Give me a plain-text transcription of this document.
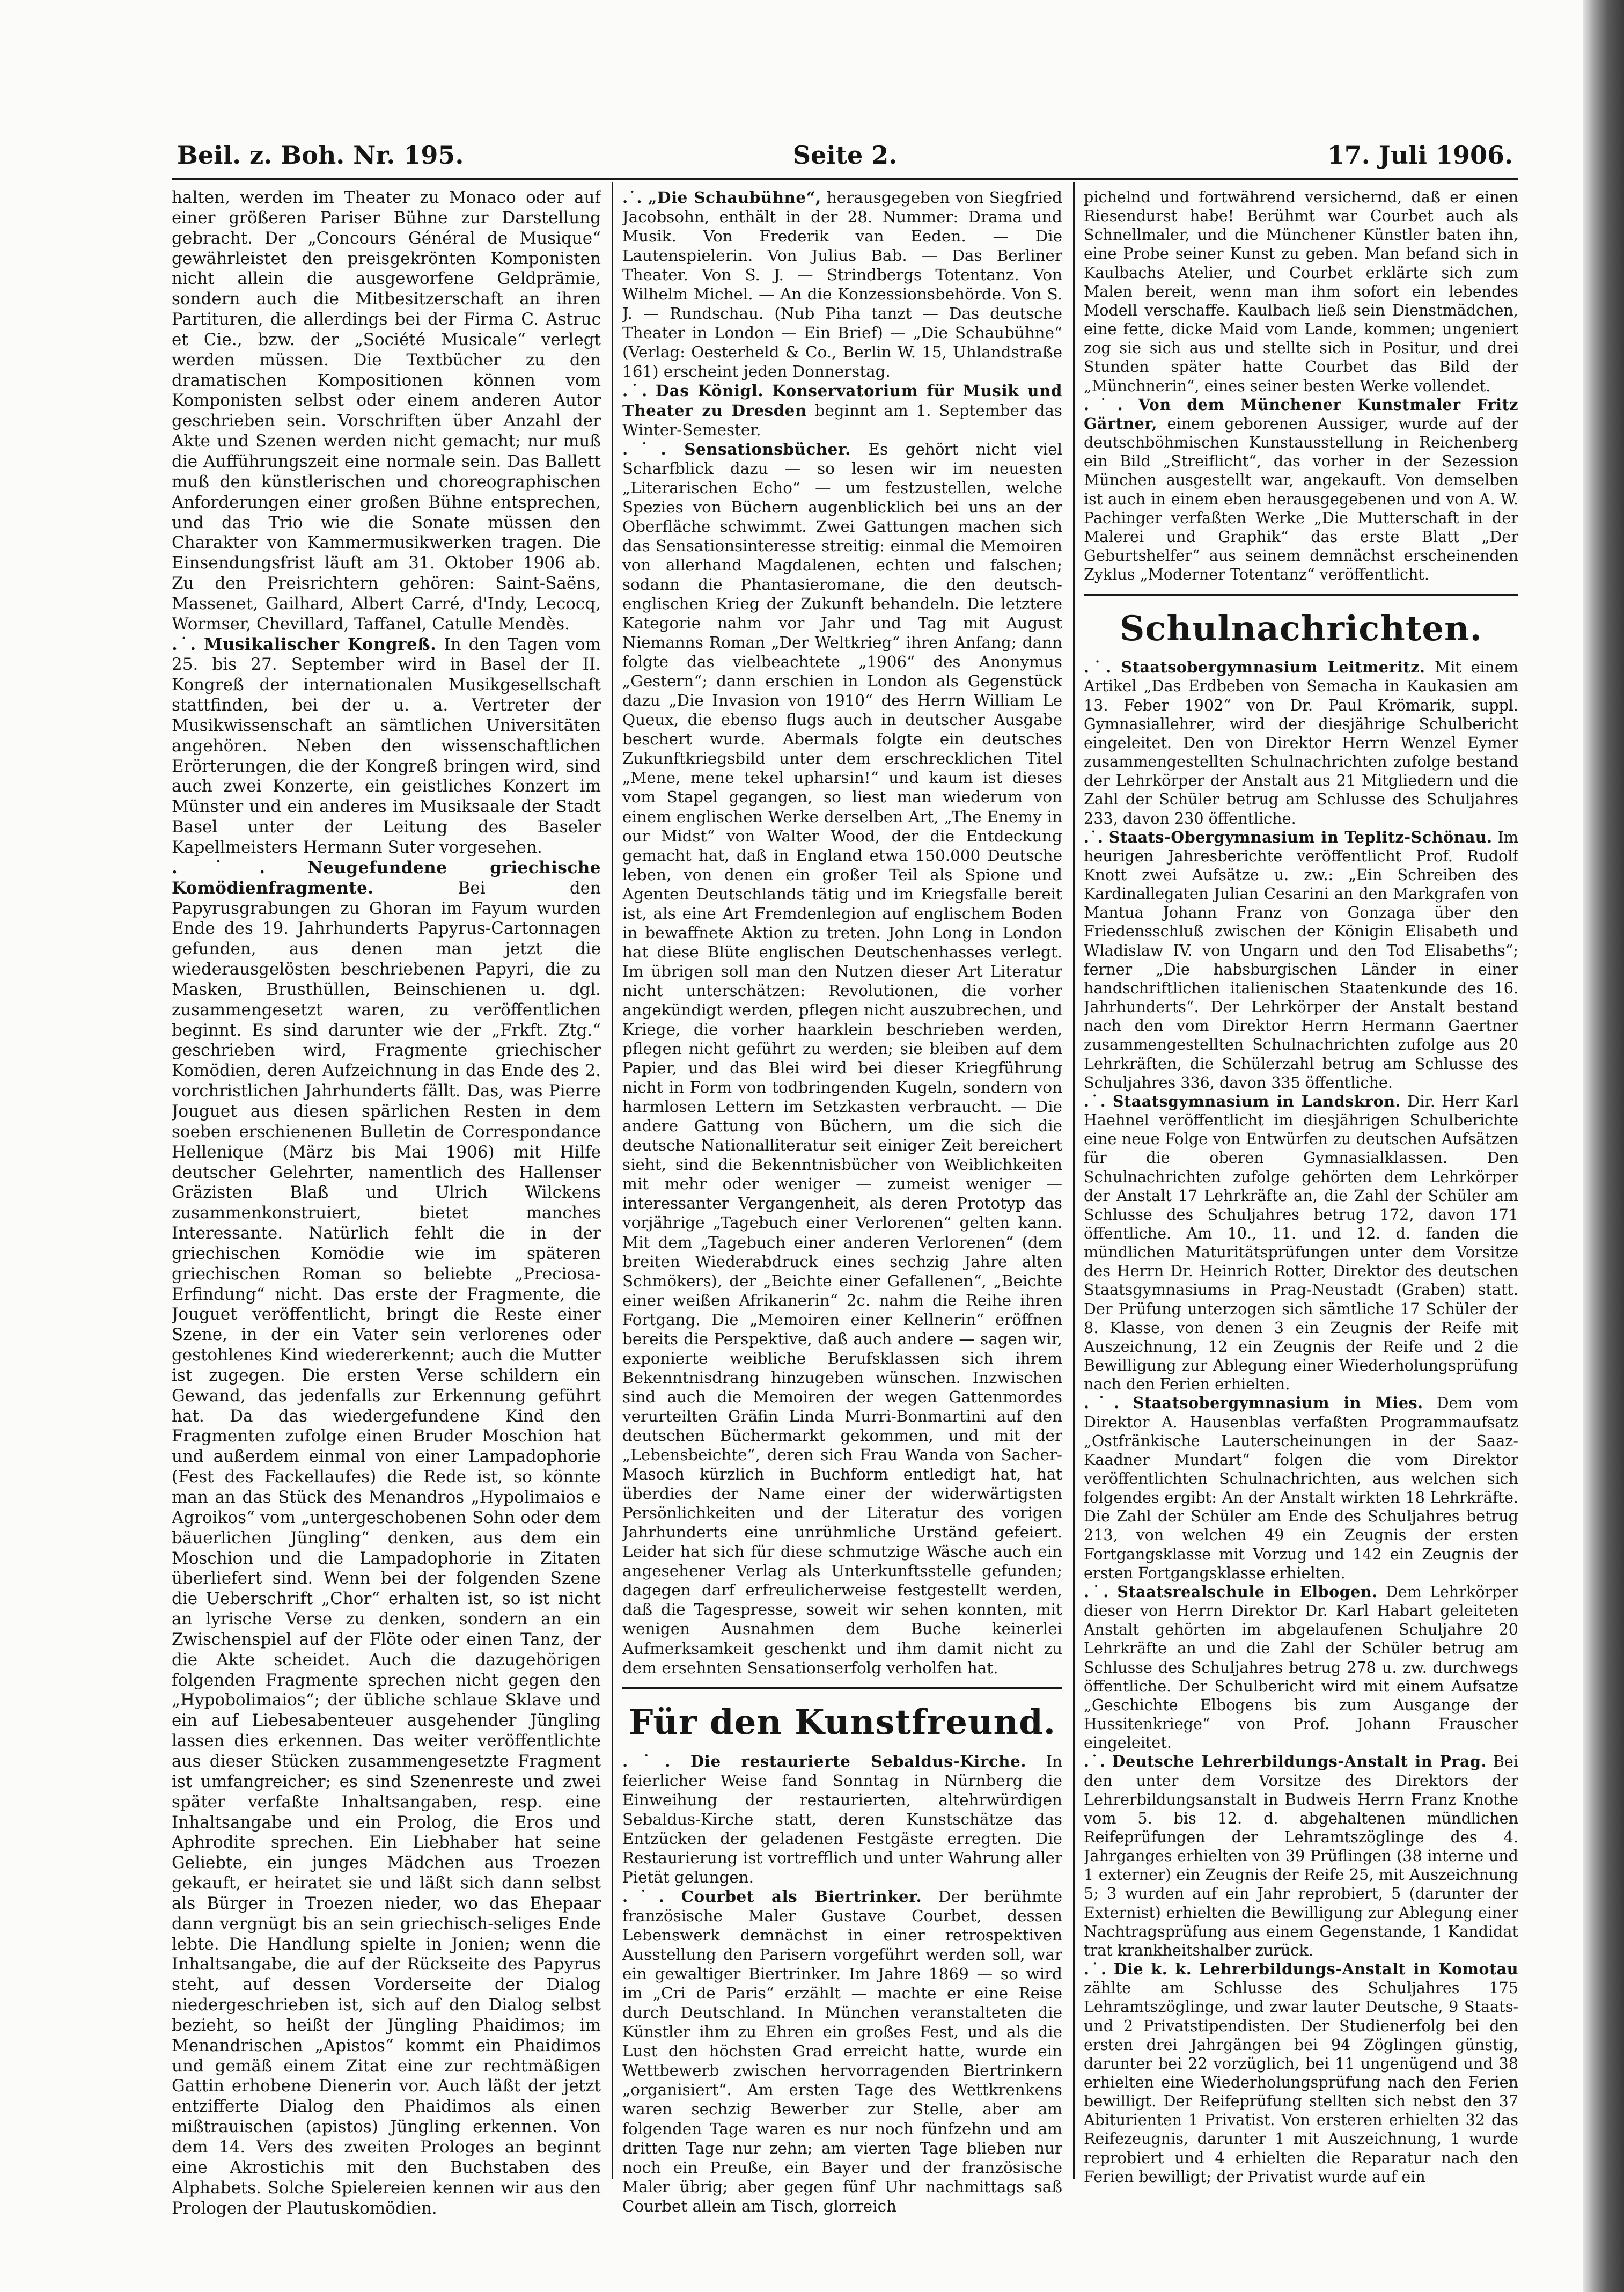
Beil. z. Boh. Nr. 195.	Seite 2.	17. Juli 1906.

halten, werden im Theater zu Monaco oder auf einer größeren Pariser Bühne zur Darstellung gebracht. Der „Concours Général de Musique“ gewährleistet den preisgekrönten Komponisten nicht allein die ausgeworfene Geldprämie, sondern auch die Mitbesitzerschaft an ihren Partituren, die allerdings bei der Firma C. Astruc et Cie., bzw. der „Société Musicale“ verlegt werden müssen. Die Textbücher zu den dramatischen Kompositionen können vom Komponisten selbst oder einem anderen Autor geschrieben sein. Vorschriften über Anzahl der Akte und Szenen werden nicht gemacht; nur muß die Aufführungszeit eine normale sein. Das Ballett muß den künstlerischen und choreographischen Anforderungen einer großen Bühne entsprechen, und das Trio wie die Sonate müssen den Charakter von Kammermusikwerken tragen. Die Einsendungsfrist läuft am 31. Oktober 1906 ab. Zu den Preisrichtern gehören: Saint-Saëns, Massenet, Gailhard, Albert Carré, d'Indy, Lecocq, Wormser, Chevillard, Taffanel, Catulle Mendès.

.˙. Musikalischer Kongreß. In den Tagen vom 25. bis 27. September wird in Basel der II. Kongreß der internationalen Musikgesellschaft stattfinden, bei der u. a. Vertreter der Musikwissenschaft an sämtlichen Universitäten angehören. Neben den wissenschaftlichen Erörterungen, die der Kongreß bringen wird, sind auch zwei Konzerte, ein geistliches Konzert im Münster und ein anderes im Musiksaale der Stadt Basel unter der Leitung des Baseler Kapellmeisters Hermann Suter vorgesehen.

.˙. Neugefundene griechische Komödienfragmente.	Bei den Papyrusgrabungen zu Ghoran im Fayum wurden Ende des 19. Jahrhunderts Papyrus-Cartonnagen gefunden, aus denen man jetzt die wiederausgelösten beschriebenen Papyri, die zu Masken, Brusthüllen, Beinschienen u. dgl. zusammengesetzt waren, zu veröffentlichen beginnt. Es sind darunter wie der „Frkft. Ztg.“ geschrieben wird, Fragmente griechischer Komödien, deren Aufzeichnung in das Ende des 2. vorchristlichen Jahrhunderts fällt. Das, was Pierre Jouguet aus diesen spärlichen Resten in dem soeben erschienenen Bulletin de Correspondance Hellenique (März bis Mai 1906) mit Hilfe deutscher Gelehrter, namentlich des Hallenser Gräzisten Blaß und Ulrich Wilckens zusammenkonstruiert, bietet manches Interessante. Natürlich fehlt die in der griechischen Komödie wie im späteren griechischen Roman so beliebte „Preciosa-Erfindung“ nicht. Das erste der Fragmente, die Jouguet veröffentlicht, bringt die Reste einer Szene, in der ein Vater sein verlorenes oder gestohlenes Kind wiedererkennt; auch die Mutter ist zugegen. Die ersten Verse schildern ein Gewand, das jedenfalls zur Erkennung geführt hat. Da das wiedergefundene Kind den Fragmenten zufolge einen Bruder Moschion hat und außerdem einmal von einer Lampadophorie (Fest des Fackellaufes) die Rede ist, so könnte man an das Stück des Menandros „Hypolimaios e Agroikos“ vom „untergeschobenen Sohn oder dem bäuerlichen Jüngling“ denken, aus dem ein Moschion und die Lampadophorie in Zitaten überliefert sind. Wenn bei der folgenden Szene die Ueberschrift „Chor“ erhalten ist, so ist nicht an lyrische Verse zu denken, sondern an ein Zwischenspiel auf der Flöte oder einen Tanz, der die Akte scheidet. Auch die dazugehörigen folgenden Fragmente sprechen nicht gegen den „Hypobolimaios“; der übliche schlaue Sklave und ein auf Liebesabenteuer ausgehender Jüngling lassen dies erkennen. Das weiter veröffentlichte aus dieser Stücken zusammengesetzte Fragment ist umfangreicher; es sind Szenenreste und zwei später verfaßte Inhaltsangaben, resp. eine Inhaltsangabe und ein Prolog, die Eros und Aphrodite sprechen. Ein Liebhaber hat seine Geliebte, ein junges Mädchen aus Troezen gekauft, er heiratet sie und läßt sich dann selbst als Bürger in Troezen nieder, wo das Ehepaar dann vergnügt bis an sein griechisch-seliges Ende lebte. Die Handlung spielte in Jonien; wenn die Inhaltsangabe, die auf der Rückseite des Papyrus steht, auf dessen Vorderseite der Dialog niedergeschrieben ist, sich auf den Dialog selbst bezieht, so heißt der Jüngling Phaidimos; im Menandrischen „Apistos“ kommt ein Phaidimos und gemäß einem Zitat eine zur rechtmäßigen Gattin erhobene Dienerin vor. Auch läßt der jetzt entzifferte Dialog den Phaidimos als einen mißtrauischen (apistos) Jüngling erkennen. Von dem 14. Vers des zweiten Prologes an beginnt eine Akrostichis mit den Buchstaben des Alphabets. Solche Spielereien kennen wir aus den Prologen der Plautuskomödien.

.˙. „Die Schaubühne“, herausgegeben von Siegfried Jacobsohn, enthält in der 28. Nummer: Drama und Musik. Von Frederik van Eeden. — Die Lautenspielerin. Von Julius Bab. — Das Berliner Theater. Von S. J. — Strindbergs Totentanz. Von Wilhelm Michel. — An die Konzessionsbehörde. Von S. J. — Rundschau. (Nub Piha tanzt — Das deutsche Theater in London — Ein Brief) — „Die Schaubühne“ (Verlag: Oesterheld & Co., Berlin W. 15, Uhlandstraße 161) erscheint jeden Donnerstag.

.˙. Das Königl. Konservatorium für Musik und Theater zu Dresden beginnt am 1. September das Winter-Semester.

.˙. Sensationsbücher. Es gehört nicht viel Scharfblick dazu — so lesen wir im neuesten „Literarischen Echo“ — um festzustellen, welche Spezies von Büchern augenblicklich bei uns an der Oberfläche schwimmt. Zwei Gattungen machen sich das Sensationsinteresse streitig: einmal die Memoiren von allerhand Magdalenen, echten und falschen; sodann die Phantasieromane, die den deutsch-englischen Krieg der Zukunft behandeln. Die letztere Kategorie nahm vor Jahr und Tag mit August Niemanns Roman „Der Weltkrieg“ ihren Anfang; dann folgte das vielbeachtete „1906“ des Anonymus „Gestern“; dann erschien in London als Gegenstück dazu „Die Invasion von 1910“ des Herrn William Le Queux, die ebenso flugs auch in deutscher Ausgabe beschert wurde. Abermals folgte ein deutsches Zukunftkriegsbild unter dem erschrecklichen Titel „Mene, mene tekel upharsin!“ und kaum ist dieses vom Stapel gegangen, so liest man wiederum von einem englischen Werke derselben Art, „The Enemy in our Midst“ von Walter Wood, der die Entdeckung gemacht hat, daß in England etwa 150.000 Deutsche leben, von denen ein großer Teil als Spione und Agenten Deutschlands tätig und im Kriegsfalle bereit ist, als eine Art Fremdenlegion auf englischem Boden in bewaffnete Aktion zu treten. John Long in London hat diese Blüte englischen Deutschenhasses verlegt. Im übrigen soll man den Nutzen dieser Art Literatur nicht unterschätzen: Revolutionen, die vorher angekündigt werden, pflegen nicht auszubrechen, und Kriege, die vorher haarklein beschrieben werden, pflegen nicht geführt zu werden; sie bleiben auf dem Papier, und das Blei wird bei dieser Kriegführung nicht in Form von todbringenden Kugeln, sondern von harmlosen Lettern im Setzkasten verbraucht. — Die andere Gattung von Büchern, um die sich die deutsche Nationalliteratur seit einiger Zeit bereichert sieht, sind die Bekenntnisbücher von Weiblichkeiten mit mehr oder weniger — zumeist weniger — interessanter Vergangenheit, als deren Prototyp das vorjährige „Tagebuch einer Verlorenen“ gelten kann. Mit dem „Tagebuch einer anderen Verlorenen“ (dem breiten Wiederabdruck eines sechzig Jahre alten Schmökers), der „Beichte einer Gefallenen“, „Beichte einer weißen Afrikanerin“ 2c. nahm die Reihe ihren Fortgang. Die „Memoiren einer Kellnerin“ eröffnen bereits die Perspektive, daß auch andere — sagen wir, exponierte weibliche Berufsklassen sich ihrem Bekenntnisdrang hinzugeben wünschen. Inzwischen sind auch die Memoiren der wegen Gattenmordes verurteilten Gräfin Linda Murri-Bonmartini auf den deutschen Büchermarkt gekommen, und mit der „Lebensbeichte“, deren sich Frau Wanda von Sacher-Masoch kürzlich in Buchform entledigt hat, hat überdies der Name einer der widerwärtigsten Persönlichkeiten und der Literatur des vorigen Jahrhunderts eine unrühmliche Urständ gefeiert. Leider hat sich für diese schmutzige Wäsche auch ein angesehener Verlag als Unterkunftsstelle gefunden; dagegen darf erfreulicherweise festgestellt werden, daß die Tagespresse, soweit wir sehen konnten, mit wenigen Ausnahmen dem Buche keinerlei Aufmerksamkeit geschenkt und ihm damit nicht zu dem ersehnten Sensationserfolg verholfen hat.

Für den Kunstfreund.

.˙. Die restaurierte Sebaldus-Kirche. In feierlicher Weise fand Sonntag in Nürnberg die Einweihung der restaurierten, altehrwürdigen Sebaldus-Kirche statt, deren Kunstschätze das Entzücken der geladenen Festgäste erregten. Die Restaurierung ist vortrefflich und unter Wahrung aller Pietät gelungen.

.˙. Courbet als Biertrinker. Der berühmte französische Maler Gustave Courbet, dessen Lebenswerk demnächst in einer retrospektiven Ausstellung den Parisern vorgeführt werden soll, war ein gewaltiger Biertrinker. Im Jahre 1869 — so wird im „Cri de Paris“ erzählt — machte er eine Reise durch Deutschland. In München veranstalteten die Künstler ihm zu Ehren ein großes Fest, und als die Lust den höchsten Grad erreicht hatte, wurde ein Wettbewerb zwischen hervorragenden Biertrinkern „organisiert“. Am ersten Tage des Wettkrenkens waren sechzig Bewerber zur Stelle, aber am folgenden Tage waren es nur noch fünfzehn und am dritten Tage nur zehn; am vierten Tage blieben nur noch ein Preuße, ein Bayer und der französische Maler übrig; aber gegen fünf Uhr nachmittags saß Courbet allein am Tisch, glorreich

pichelnd und fortwährend versichernd, daß er einen Riesendurst habe! Berühmt war Courbet auch als Schnellmaler, und die Münchener Künstler baten ihn, eine Probe seiner Kunst zu geben. Man befand sich in Kaulbachs Atelier, und Courbet erklärte sich zum Malen bereit, wenn man ihm sofort ein lebendes Modell verschaffe. Kaulbach ließ sein Dienstmädchen, eine fette, dicke Maid vom Lande, kommen; ungeniert zog sie sich aus und stellte sich in Positur, und drei Stunden später hatte Courbet das Bild der „Münchnerin“, eines seiner besten Werke vollendet.

.˙. Von dem Münchener Kunstmaler Fritz Gärtner, einem geborenen Aussiger, wurde auf der deutschböhmischen Kunstausstellung in Reichenberg ein Bild „Streiflicht“, das vorher in der Sezession München ausgestellt war, angekauft. Von demselben ist auch in einem eben herausgegebenen und von A. W. Pachinger verfaßten Werke „Die Mutterschaft in der Malerei und Graphik“ das erste Blatt „Der Geburtshelfer“ aus seinem demnächst erscheinenden Zyklus „Moderner Totentanz“ veröffentlicht.

Schulnachrichten.

.˙. Staatsobergymnasium Leitmeritz. Mit einem Artikel „Das Erdbeben von Semacha in Kaukasien am 13. Feber 1902“ von Dr. Paul Krömarik, suppl. Gymnasiallehrer, wird der diesjährige Schulbericht eingeleitet. Den von Direktor Herrn Wenzel Eymer zusammengestellten Schulnachrichten zufolge bestand der Lehrkörper der Anstalt aus 21 Mitgliedern und die Zahl der Schüler betrug am Schlusse des Schuljahres 233, davon 230 öffentliche.

.˙. Staats-Obergymnasium in Teplitz-Schönau. Im heurigen Jahresberichte veröffentlicht Prof. Rudolf Knott zwei Aufsätze u. zw.: „Ein Schreiben des Kardinallegaten Julian Cesarini an den Markgrafen von Mantua Johann Franz von Gonzaga über den Friedensschluß zwischen der Königin Elisabeth und Wladislaw IV. von Ungarn und den Tod Elisabeths“; ferner „Die habsburgischen Länder in einer handschriftlichen italienischen Staatenkunde des 16. Jahrhunderts“. Der Lehrkörper der Anstalt bestand nach den vom Direktor Herrn Hermann Gaertner zusammengestellten Schulnachrichten zufolge aus 20 Lehrkräften, die Schülerzahl betrug am Schlusse des Schuljahres 336, davon 335 öffentliche.

.˙. Staatsgymnasium in Landskron. Dir. Herr Karl Haehnel veröffentlicht im diesjährigen Schulberichte eine neue Folge von Entwürfen zu deutschen Aufsätzen für die oberen Gymnasialklassen. Den Schulnachrichten zufolge gehörten dem Lehrkörper der Anstalt 17 Lehrkräfte an, die Zahl der Schüler am Schlusse des Schuljahres betrug 172, davon 171 öffentliche. Am 10., 11. und 12. d. fanden die mündlichen Maturitätsprüfungen unter dem Vorsitze des Herrn Dr. Heinrich Rotter, Direktor des deutschen Staatsgymnasiums in Prag-Neustadt (Graben) statt. Der Prüfung unterzogen sich sämtliche 17 Schüler der 8. Klasse, von denen 3 ein Zeugnis der Reife mit Auszeichnung, 12 ein Zeugnis der Reife und 2 die Bewilligung zur Ablegung einer Wiederholungsprüfung nach den Ferien erhielten.

.˙. Staatsobergymnasium in Mies. Dem vom Direktor A. Hausenblas verfaßten Programmaufsatz „Ostfränkische Lauterscheinungen in der Saaz-Kaadner Mundart“ folgen die vom Direktor veröffentlichten Schulnachrichten, aus welchen sich folgendes ergibt: An der Anstalt wirkten 18 Lehrkräfte. Die Zahl der Schüler am Ende des Schuljahres betrug 213, von welchen 49 ein Zeugnis der ersten Fortgangsklasse mit Vorzug und 142 ein Zeugnis der ersten Fortgangsklasse erhielten.

.˙. Staatsrealschule in Elbogen. Dem Lehrkörper dieser von Herrn Direktor Dr. Karl Habart geleiteten Anstalt gehörten im abgelaufenen Schuljahre 20 Lehrkräfte an und die Zahl der Schüler betrug am Schlusse des Schuljahres betrug 278 u. zw. durchwegs öffentliche. Der Schulbericht wird mit einem Aufsatze „Geschichte Elbogens bis zum Ausgange der Hussitenkriege“ von Prof. Johann Frauscher eingeleitet.

.˙. Deutsche Lehrerbildungs-Anstalt in Prag. Bei den unter dem Vorsitze des Direktors der Lehrerbildungsanstalt in Budweis Herrn Franz Knothe vom 5. bis 12. d. abgehaltenen mündlichen Reifeprüfungen der Lehramtszöglinge des 4. Jahrganges erhielten von 39 Prüflingen (38 interne und 1 externer) ein Zeugnis der Reife 25, mit Auszeichnung 5; 3 wurden auf ein Jahr reprobiert, 5 (darunter der Externist) erhielten die Bewilligung zur Ablegung einer Nachtragsprüfung aus einem Gegenstande, 1 Kandidat trat krankheitshalber zurück.

.˙. Die k. k. Lehrerbildungs-Anstalt in Komotau zählte am Schlusse des Schuljahres 175 Lehramtszöglinge, und zwar lauter Deutsche, 9 Staats- und 2 Privatstipendisten. Der Studienerfolg bei den ersten drei Jahrgängen bei 94 Zöglingen günstig, darunter bei 22 vorzüglich, bei 11 ungenügend und 38 erhielten eine Wiederholungsprüfung nach den Ferien bewilligt. Der Reifeprüfung stellten sich nebst den 37 Abiturienten 1 Privatist. Von ersteren erhielten 32 das Reifezeugnis, darunter 1 mit Auszeichnung, 1 wurde reprobiert und 4 erhielten die Reparatur nach den Ferien bewilligt; der Privatist wurde auf ein
